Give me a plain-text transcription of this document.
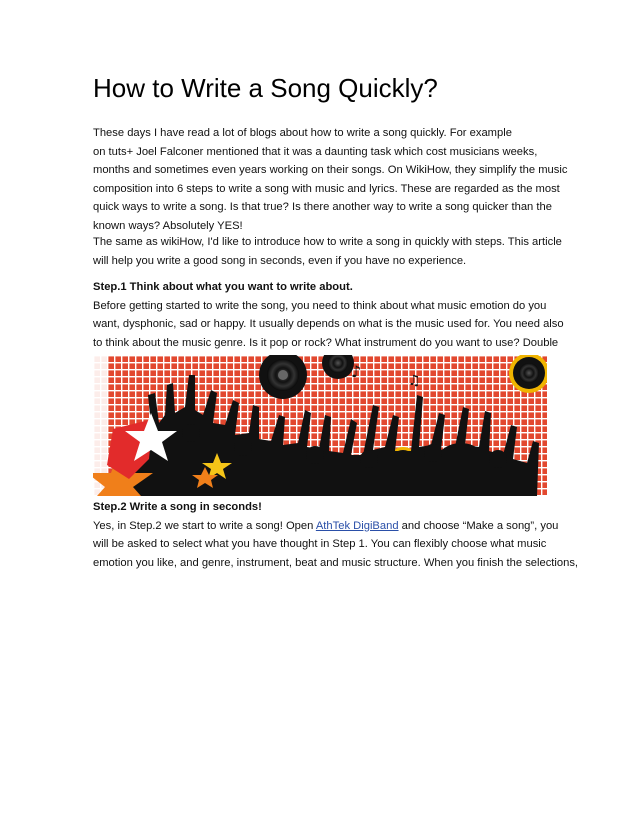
How to Write a Song Quickly?
These days I have read a lot of blogs about how to write a song quickly. For example
on tuts+ Joel Falconer mentioned that it was a daunting task which cost musicians weeks,
months and sometimes even years working on their songs. On WikiHow, they simplify the music
composition into 6 steps to write a song with music and lyrics. These are regarded as the most
quick ways to write a song. Is that true? Is there another way to write a song quicker than the
known ways? Absolutely YES!
The same as wikiHow, I'd like to introduce how to write a song in quickly with steps. This article
will help you write a good song in seconds, even if you have no experience.
Step.1 Think about what you want to write about.
Before getting started to write the song, you need to think about what music emotion do you
want, dysphonic, sad or happy. It usually depends on what is the music used for. You need also
to think about the music genre. Is it pop or rock? What instrument do you want to use? Double
♪	♫
Step.2 Write a song in seconds!
Yes, in Step.2 we start to write a song! Open AthTek DigiBand and choose “Make a song”, you
will be asked to select what you have thought in Step 1. You can flexibly choose what music
emotion you like, and genre, instrument, beat and music structure. When you finish the selections,
